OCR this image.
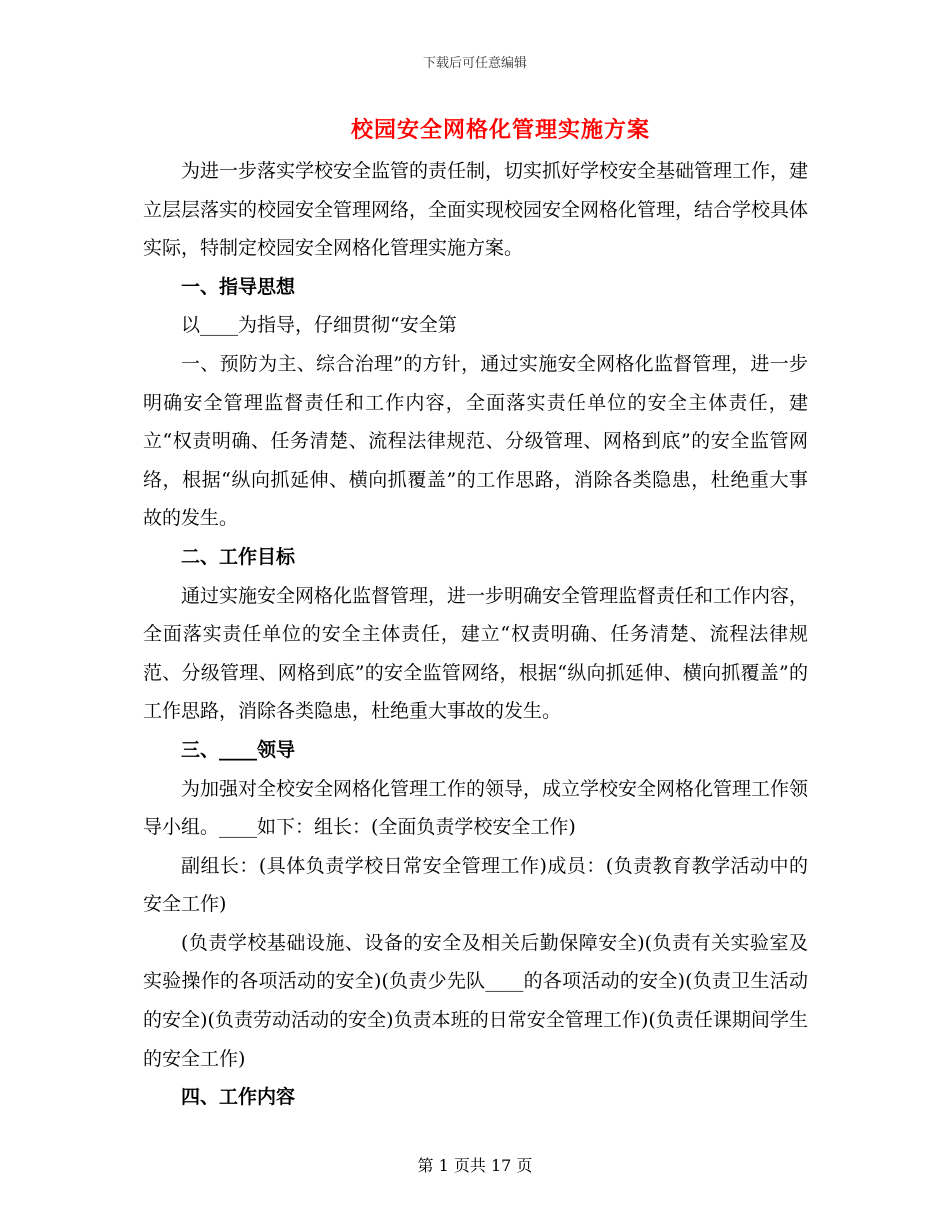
下载后可任意编辑
校园安全网格化管理实施方案

为进一步落实学校安全监管的责任制，切实抓好学校安全基础管理工作，建立层层落实的校园安全管理网络，全面实现校园安全网格化管理，结合学校具体实际，特制定校园安全网格化管理实施方案。

一、指导思想

以____为指导，仔细贯彻“安全第

一、预防为主、综合治理”的方针，通过实施安全网格化监督管理，进一步明确安全管理监督责任和工作内容，全面落实责任单位的安全主体责任，建立“权责明确、任务清楚、流程法律规范、分级管理、网格到底”的安全监管网络，根据“纵向抓延伸、横向抓覆盖”的工作思路，消除各类隐患，杜绝重大事故的发生。

二、工作目标

通过实施安全网格化监督管理，进一步明确安全管理监督责任和工作内容，全面落实责任单位的安全主体责任，建立“权责明确、任务清楚、流程法律规范、分级管理、网格到底”的安全监管网络，根据“纵向抓延伸、横向抓覆盖”的工作思路，消除各类隐患，杜绝重大事故的发生。

三、____领导

为加强对全校安全网格化管理工作的领导，成立学校安全网格化管理工作领导小组。____如下：组长：(全面负责学校安全工作)

副组长：(具体负责学校日常安全管理工作)成员：(负责教育教学活动中的安全工作)

(负责学校基础设施、设备的安全及相关后勤保障安全)(负责有关实验室及实验操作的各项活动的安全)(负责少先队____的各项活动的安全)(负责卫生活动的安全)(负责劳动活动的安全)负责本班的日常安全管理工作)(负责任课期间学生的安全工作)

四、工作内容

第 1 页共 17 页
